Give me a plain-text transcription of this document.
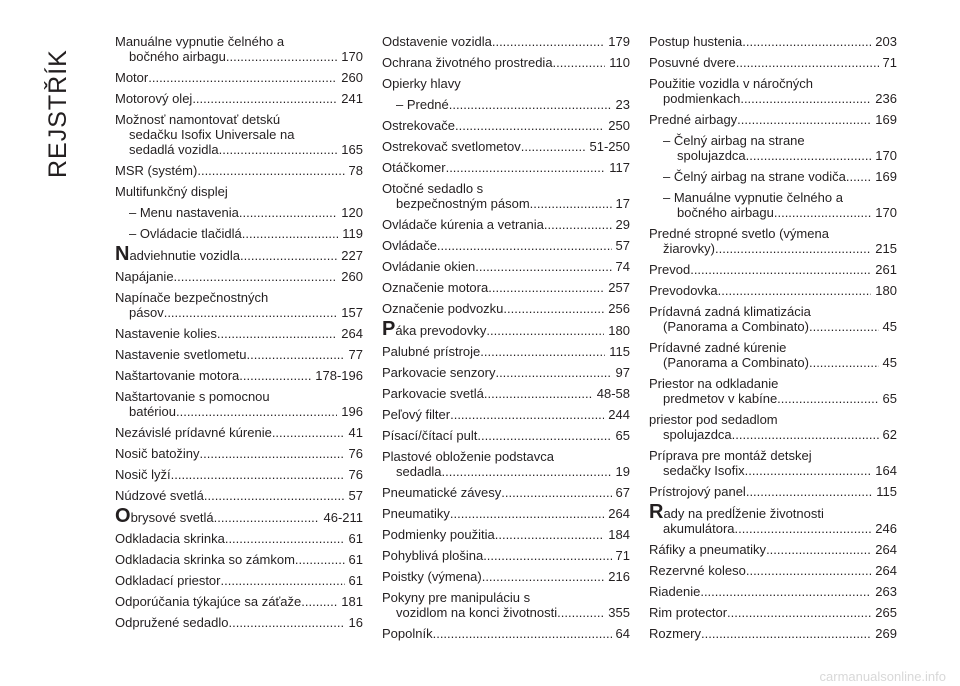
REJSTŘÍK
Manuálne vypnutie čelného a
bočného airbagu .....	170
Motor .....	260
Motorový olej .....	241
Možnosť namontovať detskú
sedačku Isofix Universale na
sedadlá vozidla .....	165
MSR (systém). .....	78
Multifunkčný displej
– Menu nastavenia .....	120
– Ovládacie tlačidlá .....	119
Nadviehnutie vozidla .....	227
Napájanie. .....	260
Napínače bezpečnostných
pásov .....	157
Nastavenie kolies .....	264
Nastavenie svetlometu .....	77
Naštartovanie motora .....	178-196
Naštartovanie s pomocnou
batériou .....	196
Nezávislé prídavné kúrenie .....	41
Nosič batožiny .....	76
Nosič lyží. .....	76
Núdzové svetlá .....	57
Obrysové svetlá .....	46-211
Odkladacia skrinka .....	61
Odkladacia skrinka so zámkom .....	61
Odkladací priestor .....	61
Odporúčania týkajúce sa záťaže. .....	181
Odpružené sedadlo. .....	16
Odstavenie vozidla .....	179
Ochrana životného prostredia. .....	110
Opierky hlavy
– Predné .....	23
Ostrekovače. .....	250
Ostrekovač svetlometov .....	51-250
Otáčkomer .....	117
Otočné sedadlo s
bezpečnostným pásom. .....	17
Ovládače kúrenia a vetrania .....	29
Ovládače. .....	57
Ovládanie okien. .....	74
Označenie motora. .....	257
Označenie podvozku. .....	256
Páka prevodovky .....	180
Palubné prístroje .....	115
Parkovacie senzory .....	97
Parkovacie svetlá. .....	48-58
Peľový filter .....	244
Písací/čítací pult .....	65
Plastové obloženie podstavca
sedadla .....	19
Pneumatické závesy .....	67
Pneumatiky .....	264
Podmienky použitia .....	184
Pohyblivá plošina .....	71
Poistky (výmena) .....	216
Pokyny pre manipuláciu s
vozidlom na konci životnosti .....	355
Popolník. .....	64
Postup hustenia .....	203
Posuvné dvere .....	71
Použitie vozidla v náročných
podmienkach .....	236
Predné airbagy .....	169
– Čelný airbag na strane
spolujazdca .....	170
– Čelný airbag na strane vodiča .....	169
– Manuálne vypnutie čelného a
bočného airbagu .....	170
Predné stropné svetlo (výmena
žiarovky) .....	215
Prevod .....	261
Prevodovka .....	180
Prídavná zadná klimatizácia
(Panorama a Combinato) .....	45
Prídavné zadné kúrenie
(Panorama a Combinato) .....	45
Priestor na odkladanie
predmetov v kabíne. .....	65
priestor pod sedadlom
spolujazdca. .....	62
Príprava pre montáž detskej
sedačky Isofix .....	164
Prístrojový panel .....	115
Rady na predĺženie životnosti
akumulátora. .....	246
Ráfiky a pneumatiky .....	264
Rezervné koleso. .....	264
Riadenie. .....	263
Rim protector .....	265
Rozmery .....	269
carmanualsonline.info
